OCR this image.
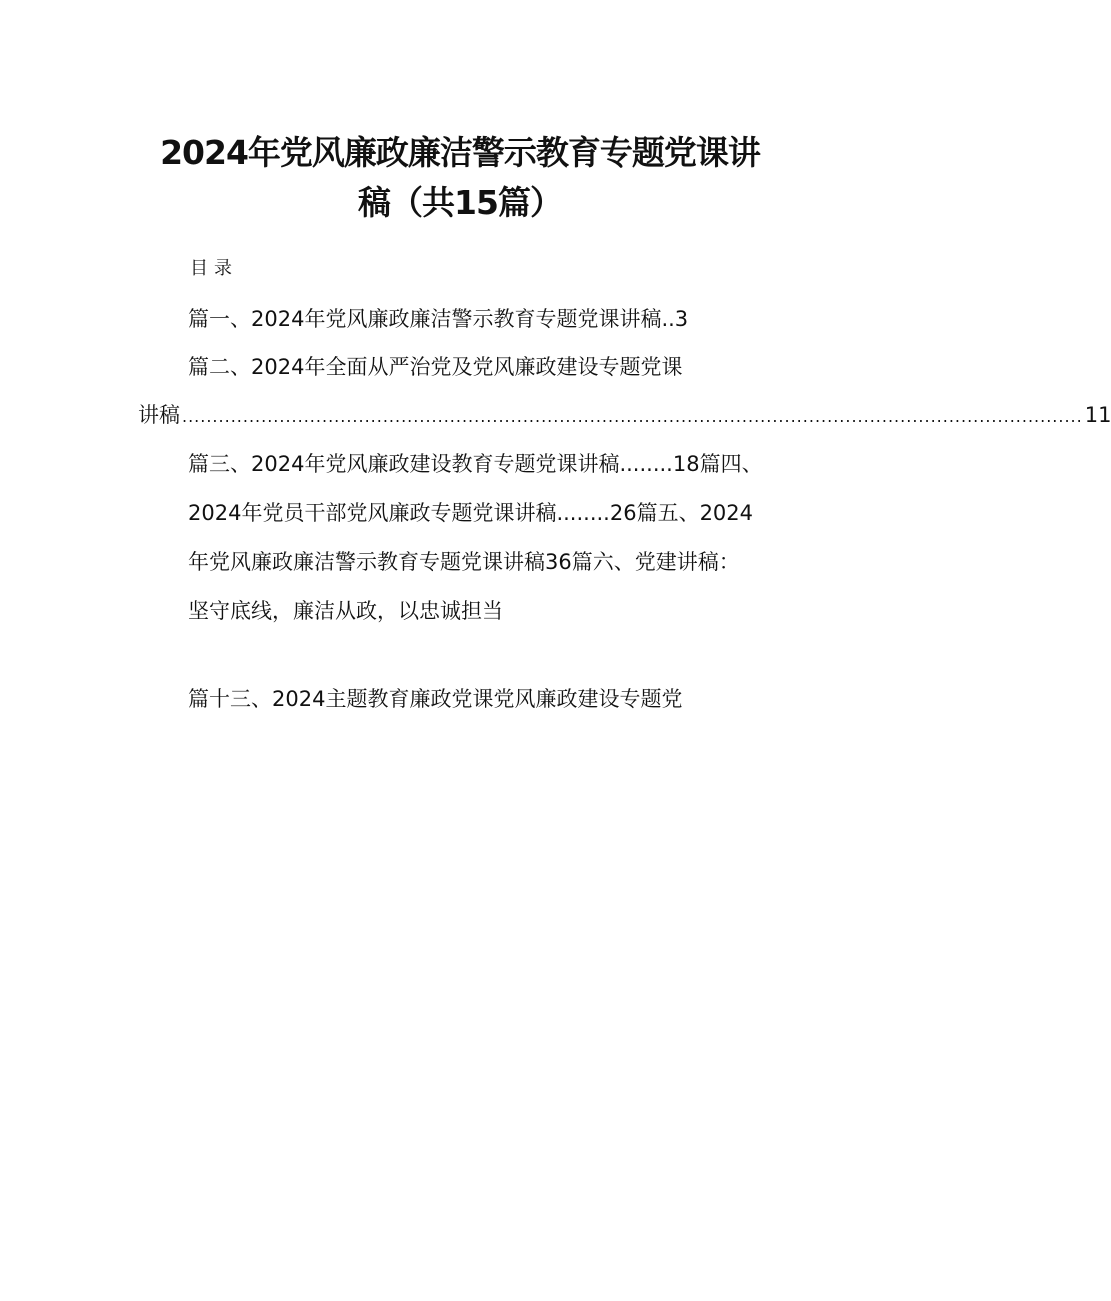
2024年党风廉政廉洁警示教育专题党课讲
稿（共15篇）
目录
篇一、2024年党风廉政廉洁警示教育专题党课讲稿..3
篇二、2024年全面从严治党及党风廉政建设专题党课
讲稿 .................................................................................................................................................... 11
篇三、2024年党风廉政建设教育专题党课讲稿........18篇四、
2024年党员干部党风廉政专题党课讲稿........26篇五、2024
年党风廉政廉洁警示教育专题党课讲稿36篇六、党建讲稿：
坚守底线，廉洁从政，以忠诚担当
篇十三、2024主题教育廉政党课党风廉政建设专题党
